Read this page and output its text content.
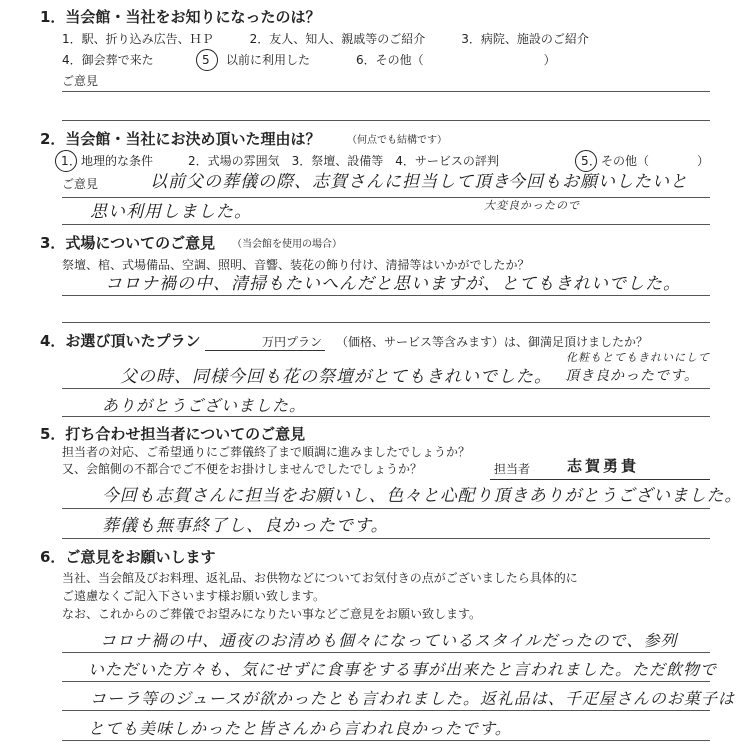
1．当会館・当社をお知りになったのは？
1．駅、折り込み広告、ＨＰ　　　2．友人、知人、親戚等のご紹介　　　3．病院、施設のご紹介
4．御会葬で来た	5 以前に利用した	6．その他（　　　　　　　　　　）
ご意見
2．当会館・当社にお決め頂いた理由は？	（何点でも結構です）
1 ．地理的な条件	2．式場の雰囲気　3．祭壇、設備等　4．サービスの評判	5 ．その他（　　　　）
ご意見	以前父の葬儀の際、志賀さんに担当して頂き
今回もお願いしたいと
大変良かったので
思い利用しました。
3．式場についてのご意見 （当会館を使用の場合）
祭壇、棺、式場備品、空調、照明、音響、装花の飾り付け、清掃等はいかがでしたか？
コロナ禍の中、清掃もたいへんだと思いますが、とてもきれいでした。
4．お選び頂いたプラン	万円プラン （価格、サービス等含みます）は、御満足頂けましたか？
化粧もとてもきれいにして
父の時、同様今回も花の祭壇がとてもきれいでした。 頂き良かったです。
ありがとうございました。
5．打ち合わせ担当者についてのご意見
担当者の対応、ご希望通りにご葬儀終了まで順調に進みましたでしょうか？
又、会館側の不都合でご不便をお掛けしませんでしたでしょうか？	担当者 志賀勇貴
今回も志賀さんに担当をお願いし、色々と心配り頂きありがとうございました。
葬儀も無事終了し、良かったです。
6．ご意見をお願いします
当社、当会館及びお料理、返礼品、お供物などについてお気付きの点がございましたら具体的に
ご遠慮なくご記入下さいます様お願い致します。
なお、これからのご葬儀でお望みになりたい事などご意見をお願い致します。
コロナ禍の中、通夜のお清めも個々になっているスタイルだったので、参列
いただいた方々も、気にせずに食事をする事が出来たと言われました。ただ飲物で
コーラ等のジュースが欲かったとも言われました。返礼品は、千疋屋さんのお菓子は
とても美味しかったと皆さんから言われ良かったです。
